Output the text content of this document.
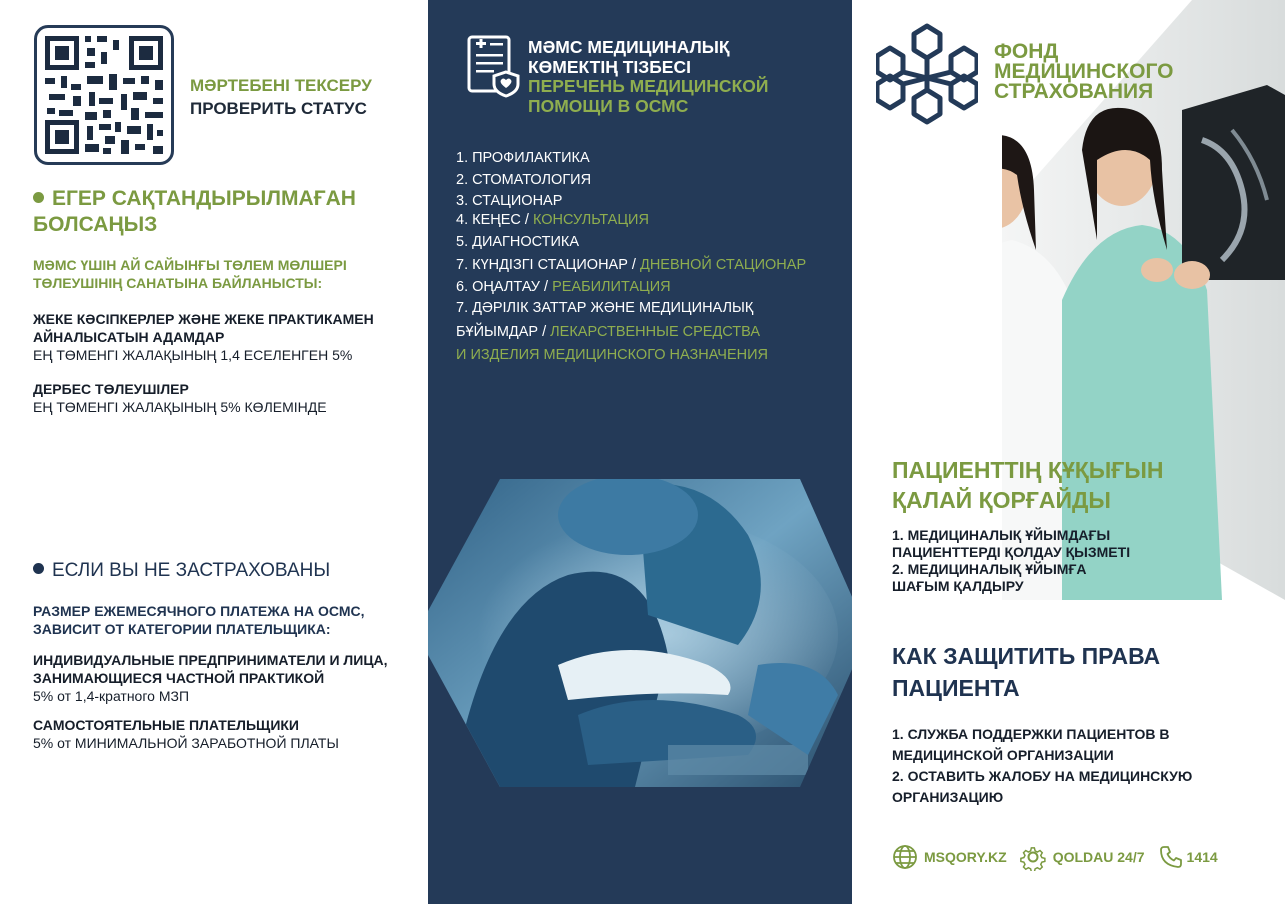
МӘРТЕБЕНІ ТЕКСЕРУ
ПРОВЕРИТЬ СТАТУС
ЕГЕР САҚТАНДЫРЫЛМАҒАН БОЛСАҢЫЗ
МӘМС ҮШІН АЙ САЙЫНҒЫ ТӨЛЕМ МӨЛШЕРІ ТӨЛЕУШІНІҢ САНАТЫНА БАЙЛАНЫСТЫ:
ЖЕКЕ КӘСІПКЕРЛЕР ЖӘНЕ ЖЕКЕ ПРАКТИКАМЕН АЙНАЛЫСАТЫН АДАМДАР
ЕҢ ТӨМЕНГІ ЖАЛАҚЫНЫҢ 1,4 ЕСЕЛЕНГЕН 5%
ДЕРБЕС ТӨЛЕУШІЛЕР
ЕҢ ТӨМЕНГІ ЖАЛАҚЫНЫҢ 5% КӨЛЕМІНДЕ
ЕСЛИ ВЫ НЕ ЗАСТРАХОВАНЫ
РАЗМЕР ЕЖЕМЕСЯЧНОГО ПЛАТЕЖА НА ОСМС, ЗАВИСИТ ОТ КАТЕГОРИИ ПЛАТЕЛЬЩИКА:
ИНДИВИДУАЛЬНЫЕ ПРЕДПРИНИМАТЕЛИ И ЛИЦА, ЗАНИМАЮЩИЕСЯ ЧАСТНОЙ ПРАКТИКОЙ
5% от 1,4-кратного МЗП
САМОСТОЯТЕЛЬНЫЕ ПЛАТЕЛЬЩИКИ
5% от МИНИМАЛЬНОЙ ЗАРАБОТНОЙ ПЛАТЫ
МӘМС МЕДИЦИНАЛЫҚ
КӨМЕКТІҢ ТІЗБЕСІ
ПЕРЕЧЕНЬ МЕДИЦИНСКОЙ
ПОМОЩИ В ОСМС
1. ПРОФИЛАКТИКА
2. СТОМАТОЛОГИЯ
3. СТАЦИОНАР
4. КЕҢЕС / КОНСУЛЬТАЦИЯ
5. ДИАГНОСТИКА
7. КҮНДІЗГІ СТАЦИОНАР / ДНЕВНОЙ СТАЦИОНАР
6. ОҢАЛТАУ / РЕАБИЛИТАЦИЯ
7. ДӘРІЛІК ЗАТТАР ЖӘНЕ МЕДИЦИНАЛЫҚ
БҰЙЫМДАР / ЛЕКАРСТВЕННЫЕ СРЕДСТВА
И ИЗДЕЛИЯ МЕДИЦИНСКОГО НАЗНАЧЕНИЯ
ФОНД
МЕДИЦИНСКОГО
СТРАХОВАНИЯ
ПАЦИЕНТТІҢ ҚҰҚЫҒЫН
ҚАЛАЙ ҚОРҒАЙДЫ
1. МЕДИЦИНАЛЫҚ ҰЙЫМДАҒЫ
ПАЦИЕНТТЕРДІ ҚОЛДАУ ҚЫЗМЕТІ
2. МЕДИЦИНАЛЫҚ ҰЙЫМҒА
ШАҒЫМ ҚАЛДЫРУ
КАК ЗАЩИТИТЬ ПРАВА
ПАЦИЕНТА
1. СЛУЖБА ПОДДЕРЖКИ ПАЦИЕНТОВ В
МЕДИЦИНСКОЙ ОРГАНИЗАЦИИ
2. ОСТАВИТЬ ЖАЛОБУ НА МЕДИЦИНСКУЮ
ОРГАНИЗАЦИЮ
MSQORY.KZ	QOLDAU 24/7	1414
